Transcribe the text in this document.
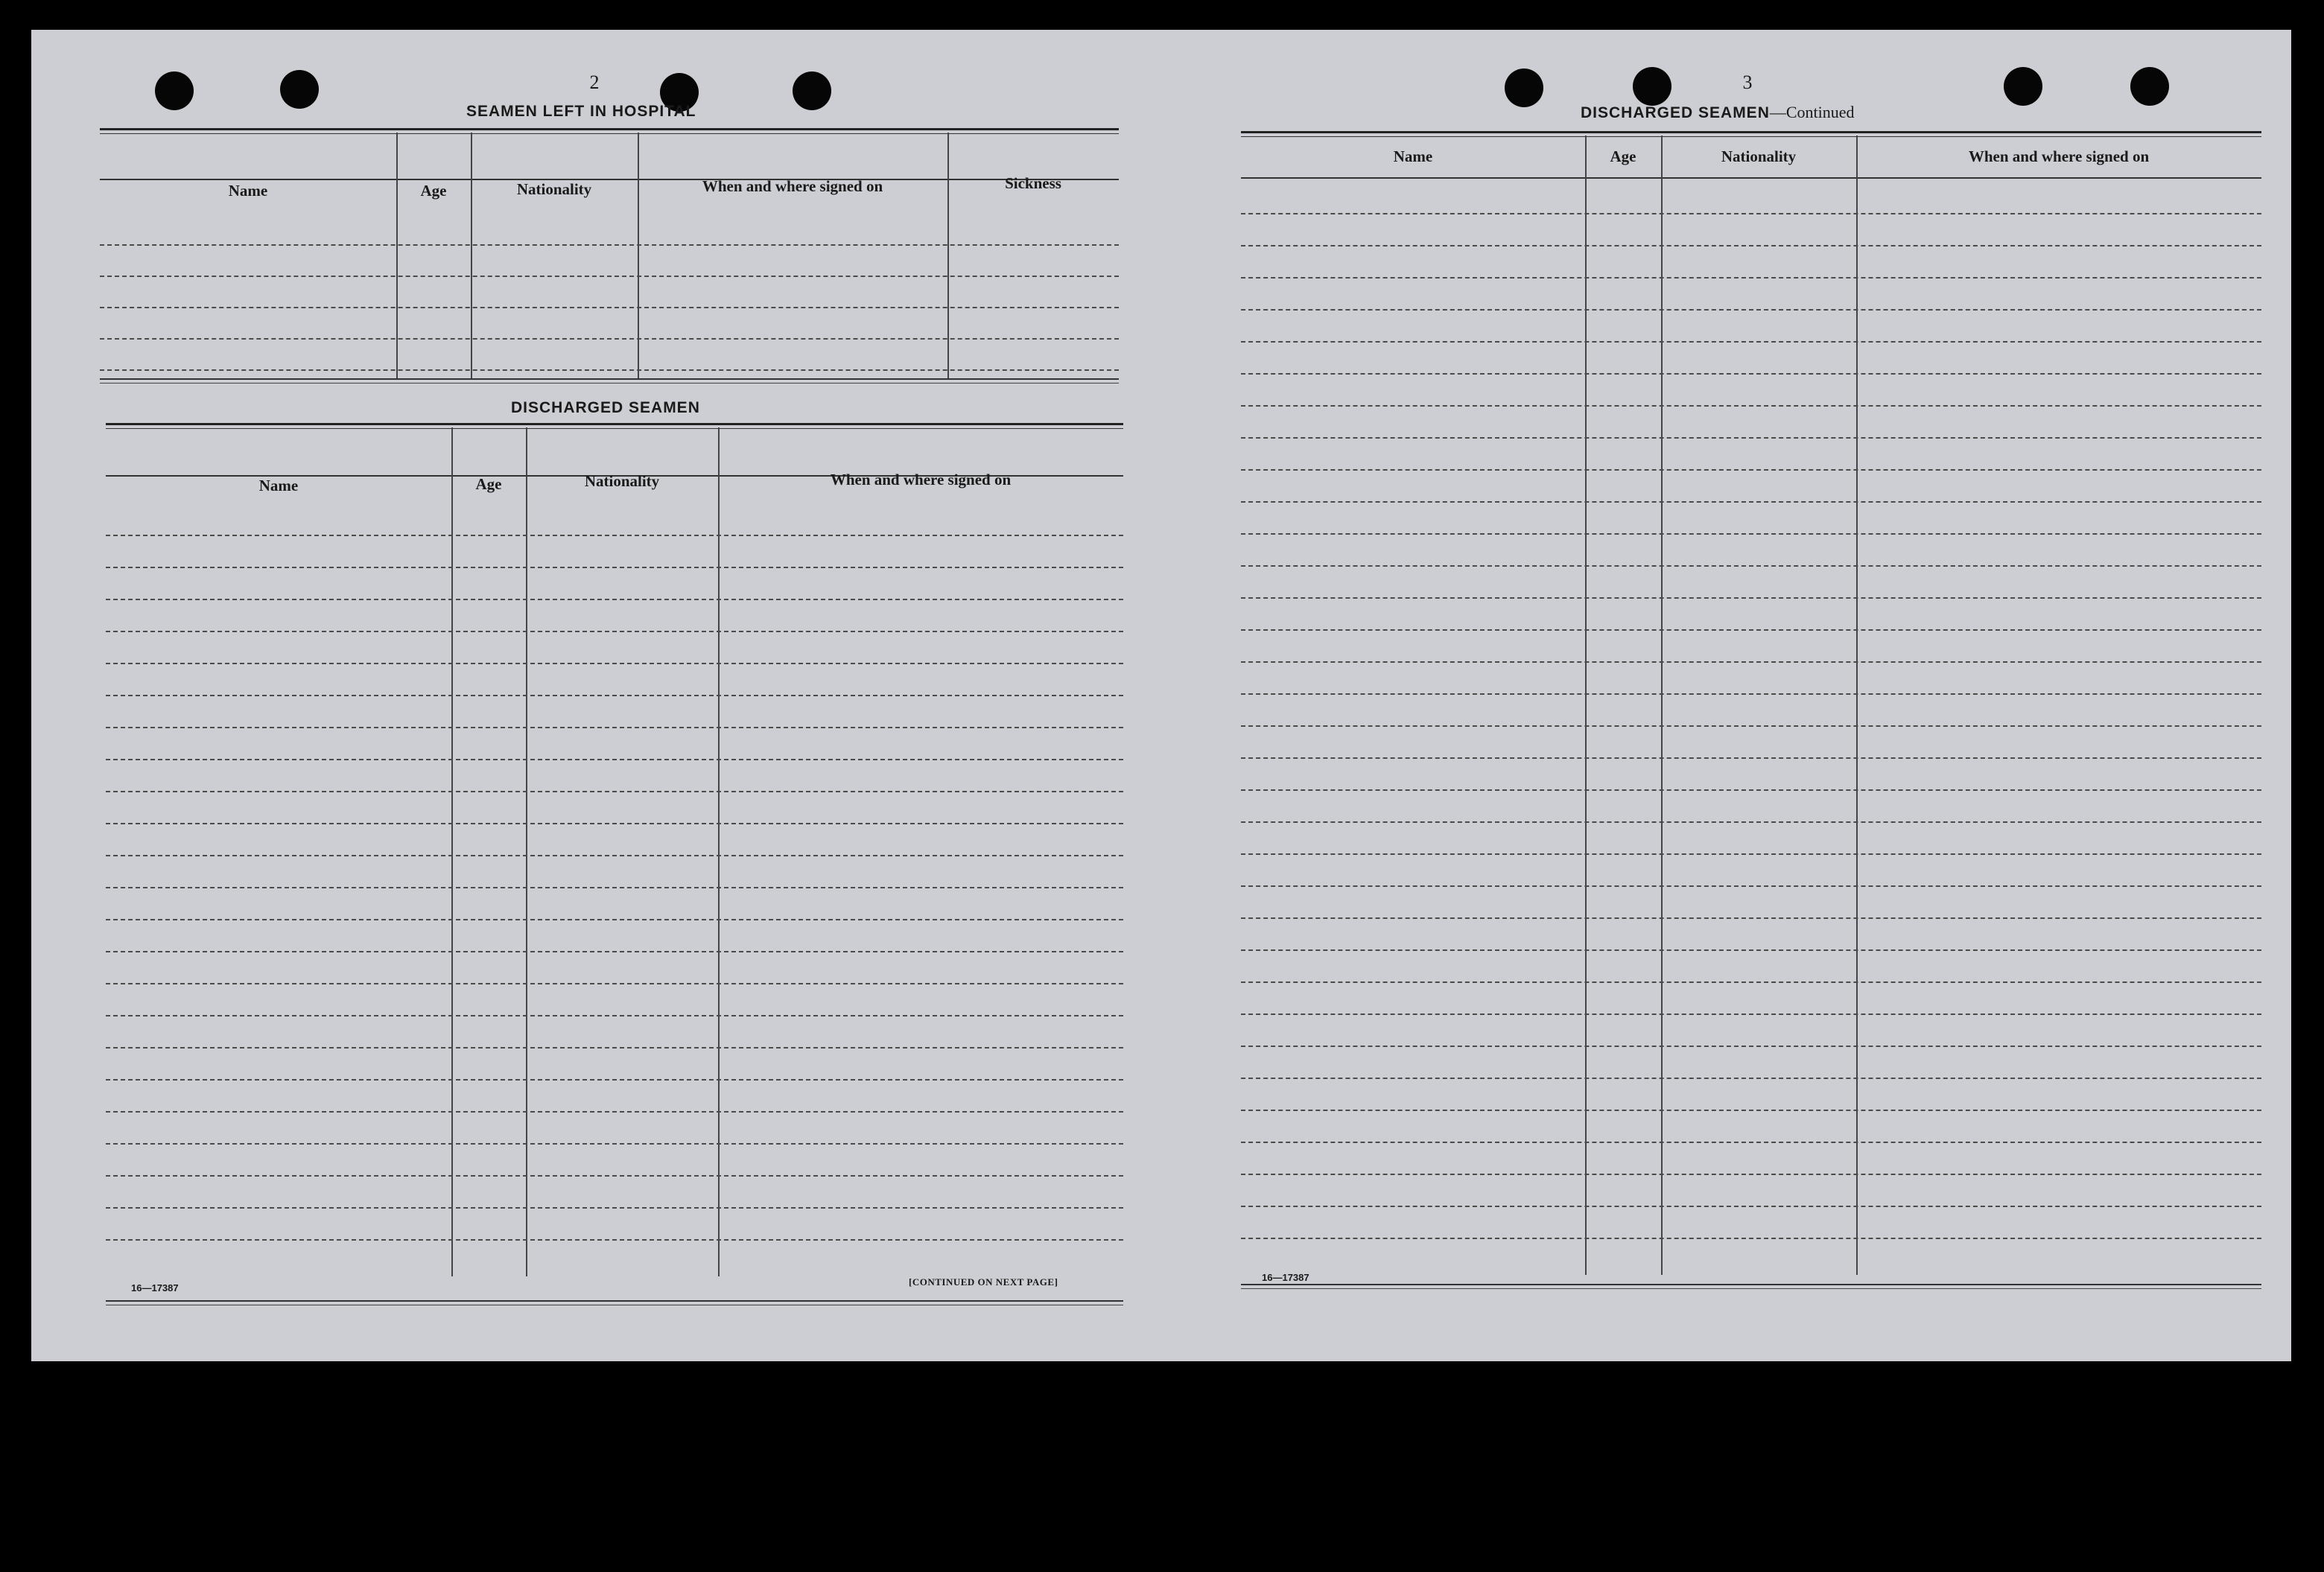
2
SEAMEN LEFT IN HOSPITAL
Name	Age	Nationality	When and where signed on	Sickness
DISCHARGED SEAMEN
Name	Age	Nationality	When and where signed on
16—17387
[CONTINUED ON NEXT PAGE]
3
DISCHARGED SEAMEN—Continued
Name	Age	Nationality	When and where signed on
16—17387
